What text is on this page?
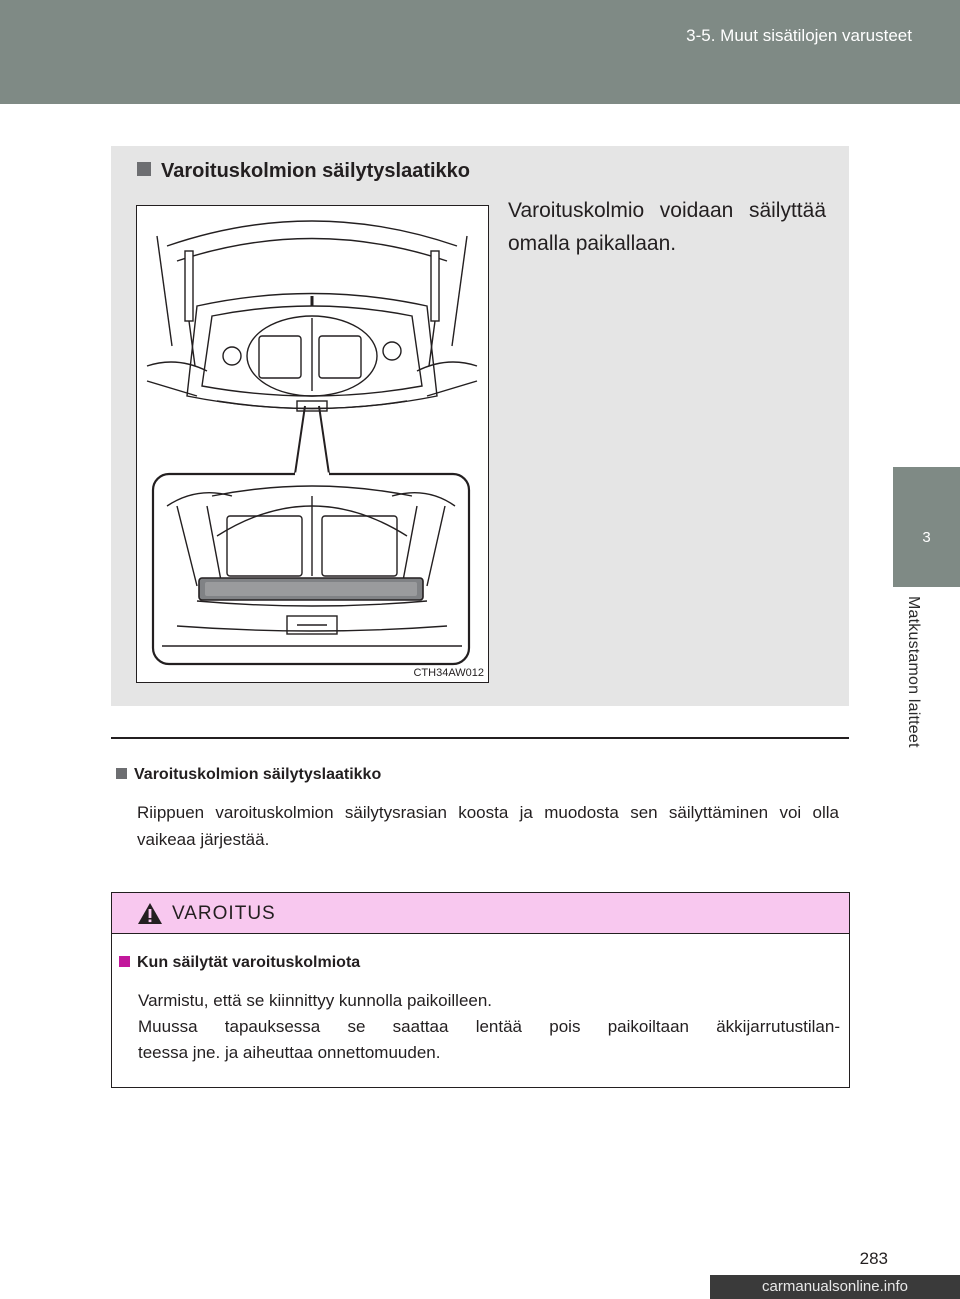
3-5. Muut sisätilojen varusteet
3
Matkustamon laitteet
Varoituskolmion säilytyslaatikko
CTH34AW012
Varoituskolmio voidaan säilyttää omalla paikallaan.
Varoituskolmion säilytyslaatikko
Riippuen varoituskolmion säilytysrasian koosta ja muodosta sen säilyttäminen voi olla vaikeaa järjestää.
VAROITUS
Kun säilytät varoituskolmiota
Varmistu, että se kiinnittyy kunnolla paikoilleen.
Muussa tapauksessa se saattaa lentää pois paikoiltaan äkkijarrutustilan-
teessa jne. ja aiheuttaa onnettomuuden.
283
carmanualsonline.info
